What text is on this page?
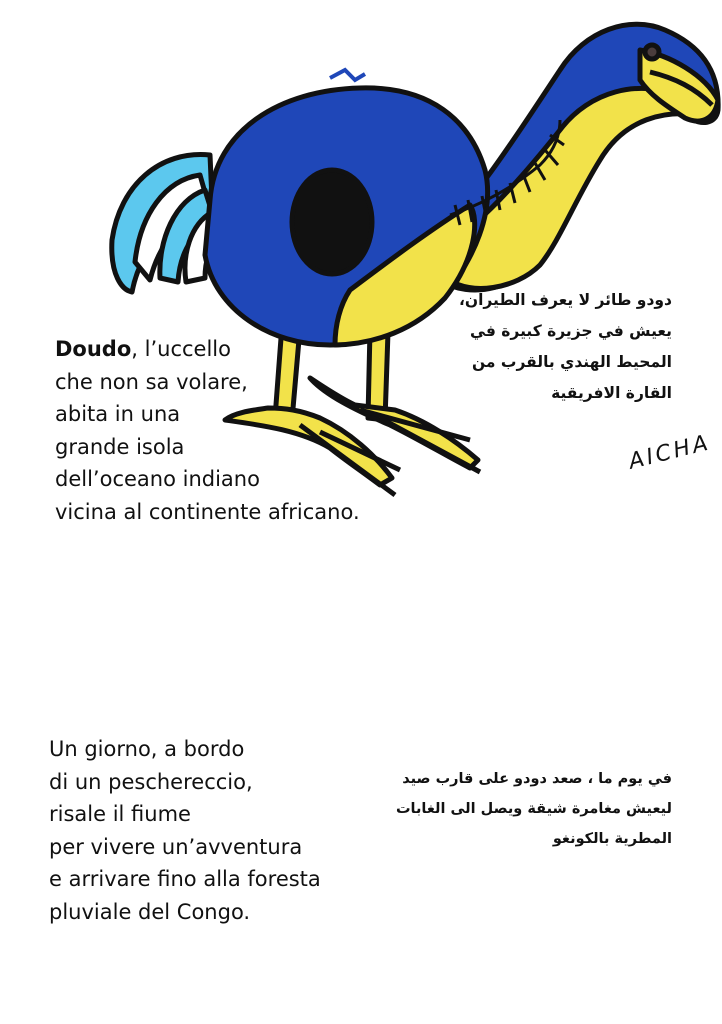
Doudo, l’uccello
che non sa volare,
abita in una
grande isola
dell’oceano indiano
vicina al continente africano.
دودو طائر لا يعرف الطيران،
يعيش في جزيرة كبيرة في
المحيط الهندي بالقرب من
القارة الافريقية
AICHA
Un giorno, a bordo
di un peschereccio,
risale il fiume
per vivere un’avventura
e arrivare fino alla foresta
pluviale del Congo.
في يوم ما ، صعد دودو على قارب صيد
ليعيش مغامرة شيقة ويصل الى الغابات
المطرية بالكونغو
